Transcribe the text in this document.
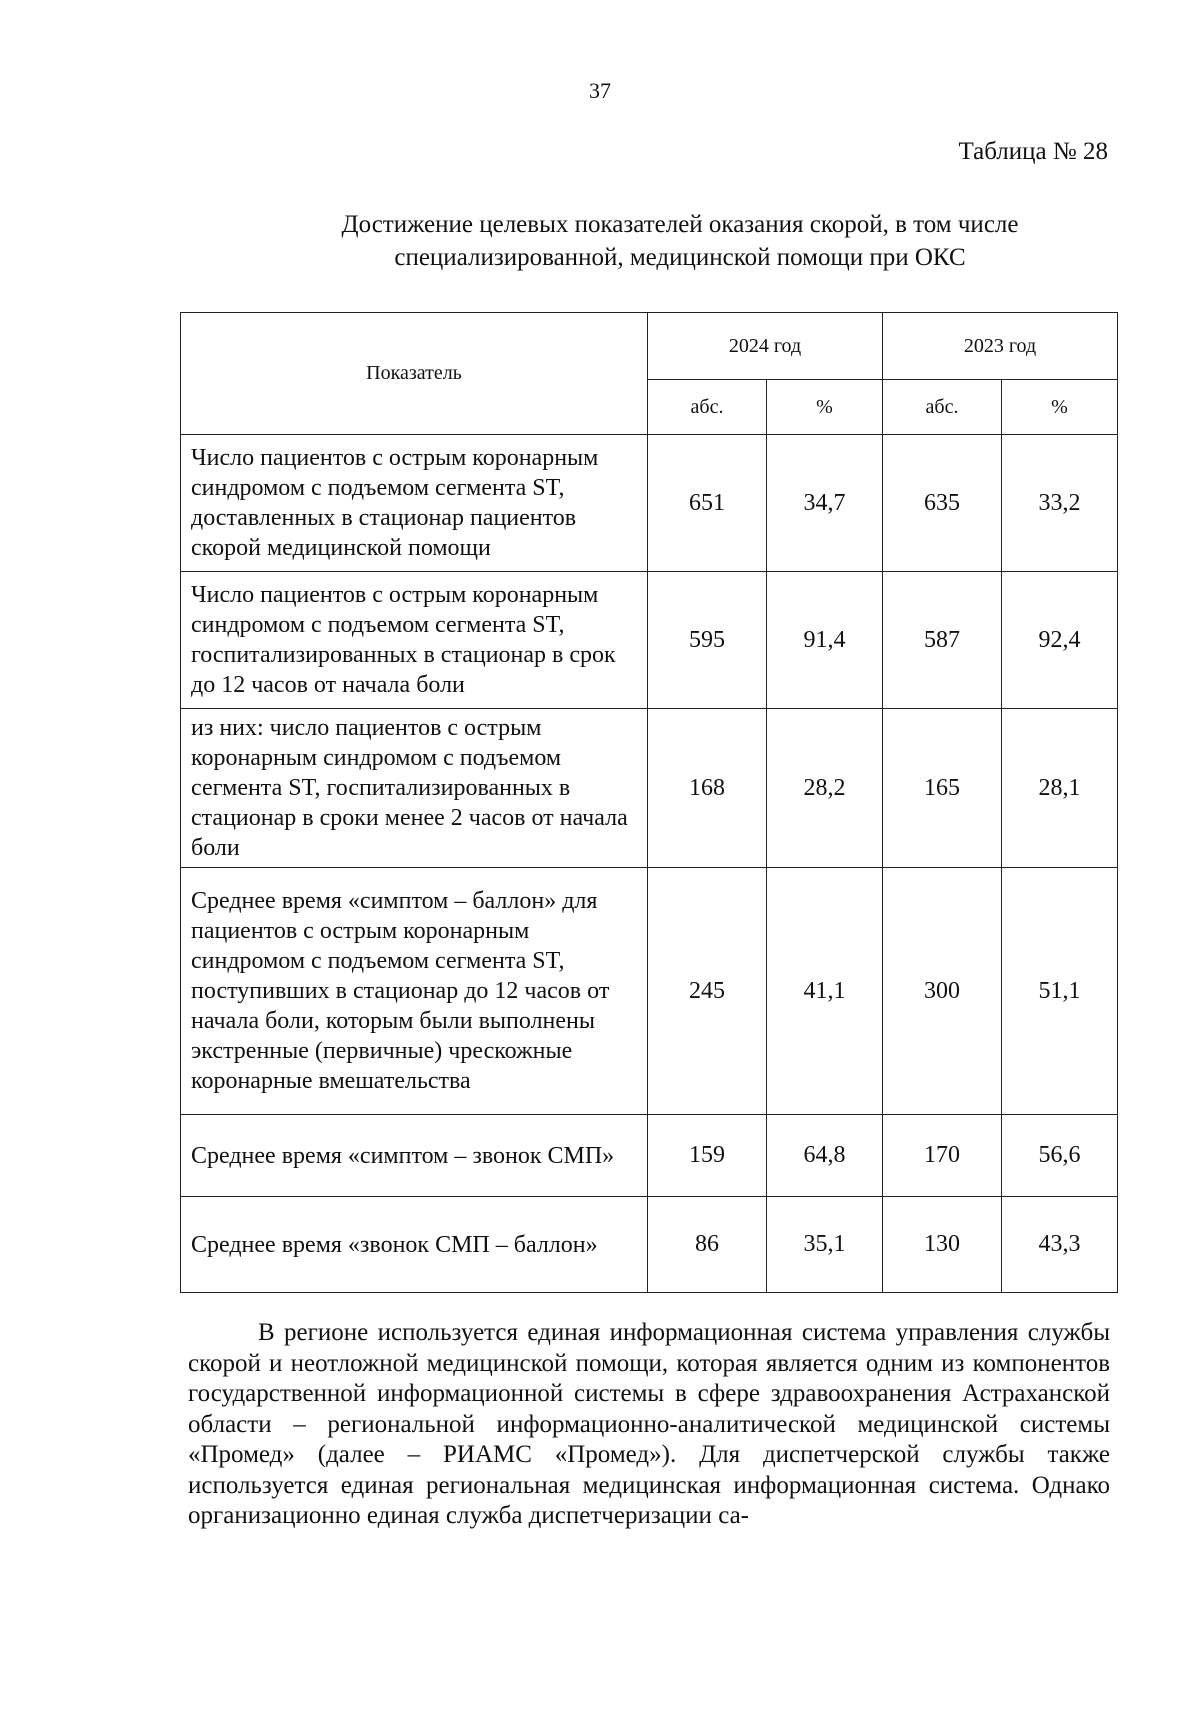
37
Таблица № 28
Достижение целевых показателей оказания скорой, в том числе специализированной, медицинской помощи при ОКС
Показатель	2024 год		2023 год	
	абс.	%	абс.	%
Число пациентов с острым коронарным синдромом с подъемом сегмента ST, доставленных в стационар пациентов скорой медицинской помощи	651	34,7	635	33,2
Число пациентов с острым коронарным синдромом с подъемом сегмента ST, госпитализированных в стационар в срок до 12 часов от начала боли	595	91,4	587	92,4
из них: число пациентов с острым коронарным синдромом с подъемом сегмента ST, госпитализированных в стационар в сроки менее 2 часов от начала боли	168	28,2	165	28,1
Среднее время «симптом – баллон» для пациентов с острым коронарным синдромом с подъемом сегмента ST, поступивших в стационар до 12 часов от начала боли, которым были выполнены экстренные (первичные) чрескожные коронарные вмешательства	245	41,1	300	51,1
Среднее время «симптом – звонок СМП»	159	64,8	170	56,6
Среднее время «звонок СМП – баллон»	86	35,1	130	43,3
В регионе используется единая информационная система управления службы скорой и неотложной медицинской помощи, которая является одним из компонентов государственной информационной системы в сфере здравоохранения Астраханской области – региональной информационно-аналитической медицинской системы «Промед» (далее – РИАМС «Промед»). Для диспетчерской службы также используется единая региональная медицинская информационная система. Однако организационно единая служба диспетчеризации са-
